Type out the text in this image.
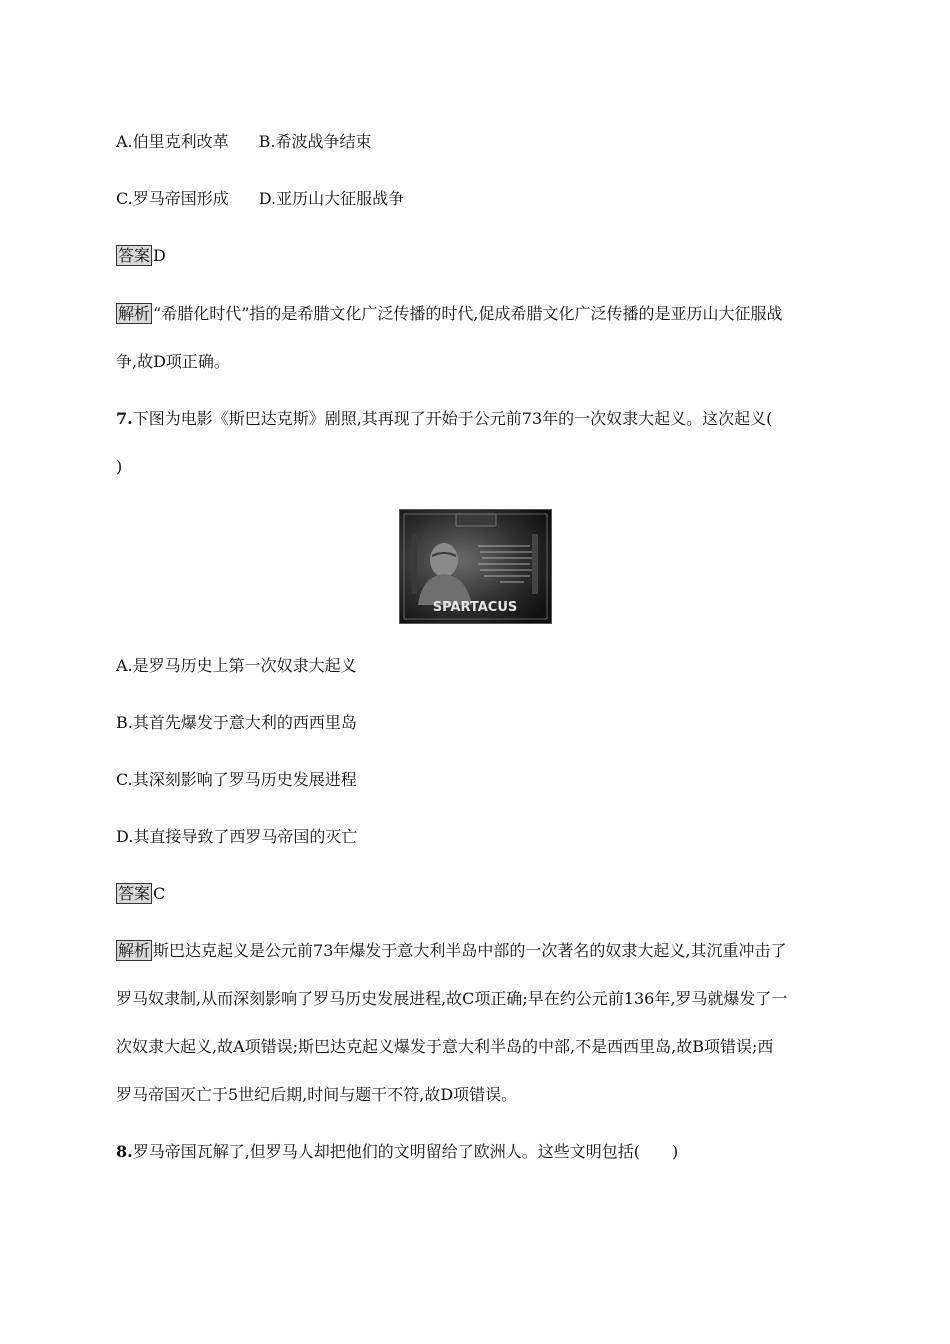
A.伯里克利改革 B.希波战争结束
C.罗马帝国形成 D.亚历山大征服战争
答案 D
解析 “希腊化时代”指的是希腊文化广泛传播的时代,促成希腊文化广泛传播的是亚历山大征服战
争,故D项正确。
7.下图为电影《斯巴达克斯》剧照,其再现了开始于公元前73年的一次奴隶大起义。这次起义(
)
SPARTACUS
A.是罗马历史上第一次奴隶大起义
B.其首先爆发于意大利的西西里岛
C.其深刻影响了罗马历史发展进程
D.其直接导致了西罗马帝国的灭亡
答案 C
解析 斯巴达克起义是公元前73年爆发于意大利半岛中部的一次著名的奴隶大起义,其沉重冲击了
罗马奴隶制,从而深刻影响了罗马历史发展进程,故C项正确;早在约公元前136年,罗马就爆发了一
次奴隶大起义,故A项错误;斯巴达克起义爆发于意大利半岛的中部,不是西西里岛,故B项错误;西
罗马帝国灭亡于5世纪后期,时间与题干不符,故D项错误。
8.罗马帝国瓦解了,但罗马人却把他们的文明留给了欧洲人。这些文明包括(　　)
